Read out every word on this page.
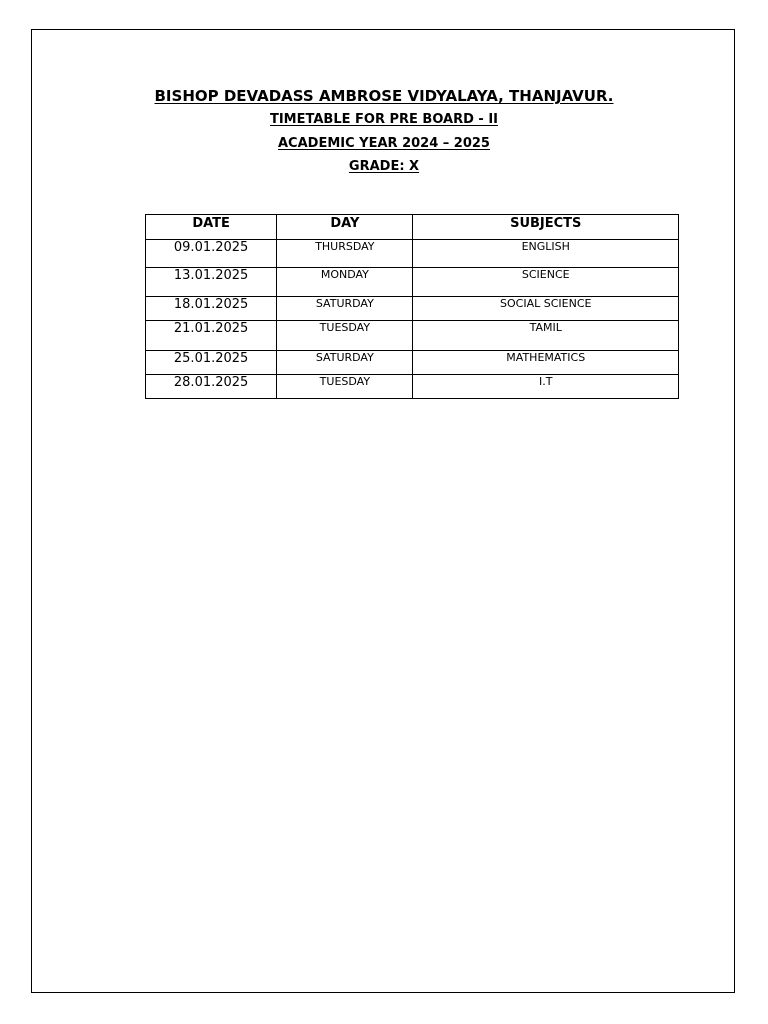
BISHOP DEVADASS AMBROSE VIDYALAYA, THANJAVUR.
TIMETABLE FOR PRE BOARD - II
ACADEMIC YEAR 2024 – 2025
GRADE: X
DATE	DAY	SUBJECTS
09.01.2025	THURSDAY	ENGLISH
13.01.2025	MONDAY	SCIENCE
18.01.2025	SATURDAY	SOCIAL SCIENCE
21.01.2025	TUESDAY	TAMIL
25.01.2025	SATURDAY	MATHEMATICS
28.01.2025	TUESDAY	I.T
